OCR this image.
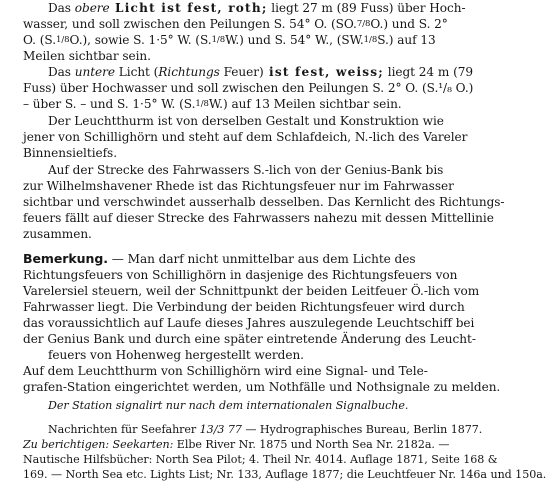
Das obere Licht ist fest, roth; liegt 27 m (89 Fuss) über Hoch-
wasser, und soll zwischen den Peilungen S. 54° O. (SO.7/8O.) und S. 2°
O. (S.1/8O.), sowie S. 1·5° W. (S.1/8W.) und S. 54° W., (SW.1/8S.) auf 13
Meilen sichtbar sein.
Das untere Licht (Richtungs Feuer) ist fest, weiss; liegt 24 m (79
Fuss) über Hochwasser und soll zwischen den Peilungen S. 2° O. (S.¹/₈ O.)
– über S. – und S. 1·5° W. (S.1/8W.) auf 13 Meilen sichtbar sein.
Der Leuchtthurm ist von derselben Gestalt und Konstruktion wie
jener von Schillighörn und steht auf dem Schlafdeich, N.-lich des Vareler
Binnensieltiefs.
Auf der Strecke des Fahrwassers S.-lich von der Genius-Bank bis
zur Wilhelmshavener Rhede ist das Richtungsfeuer nur im Fahrwasser
sichtbar und verschwindet ausserhalb desselben. Das Kernlicht des Richtungs-
feuers fällt auf dieser Strecke des Fahrwassers nahezu mit dessen Mittellinie
zusammen.
Bemerkung. — Man darf nicht unmittelbar aus dem Lichte des
Richtungsfeuers von Schillighörn in dasjenige des Richtungsfeuers von
Varelersiel steuern, weil der Schnittpunkt der beiden Leitfeuer Ö.-lich vom
Fahrwasser liegt. Die Verbindung der beiden Richtungsfeuer wird durch
das voraussichtlich auf Laufe dieses Jahres auszulegende Leuchtschiff bei
der Genius Bank und durch eine später eintretende Änderung des Leucht-
feuers von Hohenweg hergestellt werden.
Auf dem Leuchtthurm von Schillighörn wird eine Signal- und Tele-
grafen-Station eingerichtet werden, um Nothfälle und Nothsignale zu melden.
Der Station signalirt nur nach dem internationalen Signalbuche.
Nachrichten für Seefahrer 13/3 77 — Hydrographisches Bureau, Berlin 1877.
Zu berichtigen: Seekarten: Elbe River Nr. 1875 und North Sea Nr. 2182a. —
Nautische Hilfsbücher: North Sea Pilot; 4. Theil Nr. 4014. Auflage 1871, Seite 168 &
169. — North Sea etc. Lights List; Nr. 133, Auflage 1877; die Leuchtfeuer Nr. 146a und 150a.
